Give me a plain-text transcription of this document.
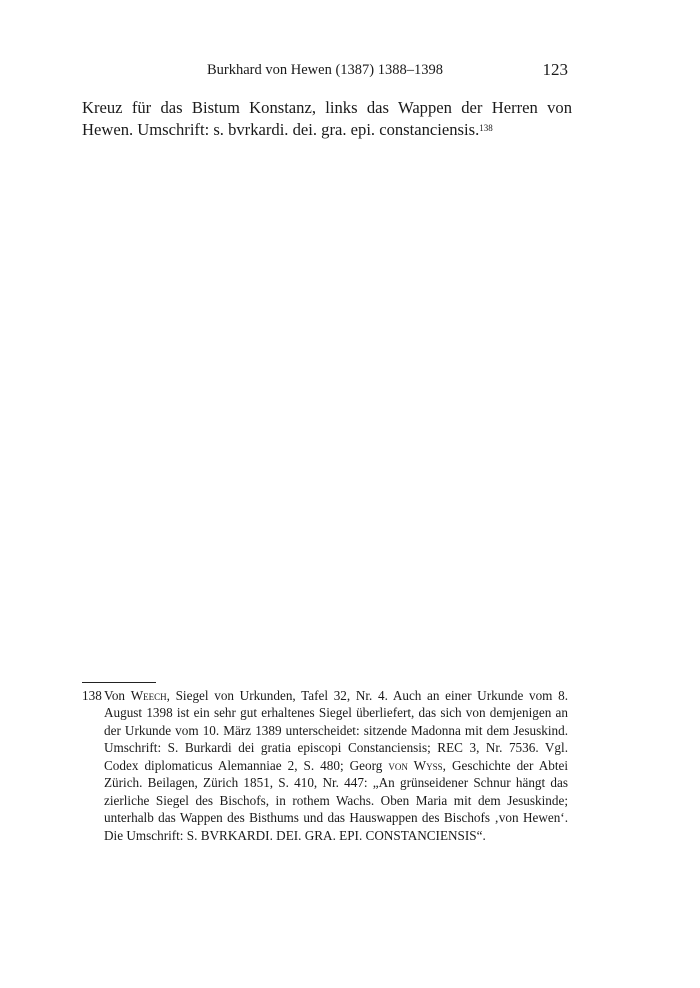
Burkhard von Hewen (1387) 1388–1398	123

Kreuz für das Bistum Konstanz, links das Wappen der Herren von Hewen. Umschrift: s. bvrkardi. dei. gra. epi. constanciensis.$^{138}$

138 Von Weech, Siegel von Urkunden, Tafel 32, Nr. 4. Auch an einer Urkunde vom 8. August 1398 ist ein sehr gut erhaltenes Siegel überliefert, das sich von demjenigen an der Urkunde vom 10. März 1389 unterscheidet: sitzende Madonna mit dem Jesuskind. Umschrift: S. Burkardi dei gratia episcopi Constanciensis; REC 3, Nr. 7536. Vgl. Codex diplomaticus Alemanniae 2, S. 480; Georg von Wyss, Geschichte der Abtei Zürich. Beilagen, Zürich 1851, S. 410, Nr. 447: „An grünseidener Schnur hängt das zierliche Siegel des Bischofs, in rothem Wachs. Oben Maria mit dem Jesuskinde; unterhalb das Wappen des Bisthums und das Hauswappen des Bischofs ‚von Hewen‘. Die Umschrift: S. BVRKARDI. DEI. GRA. EPI. CONSTANCIENSIS“.
